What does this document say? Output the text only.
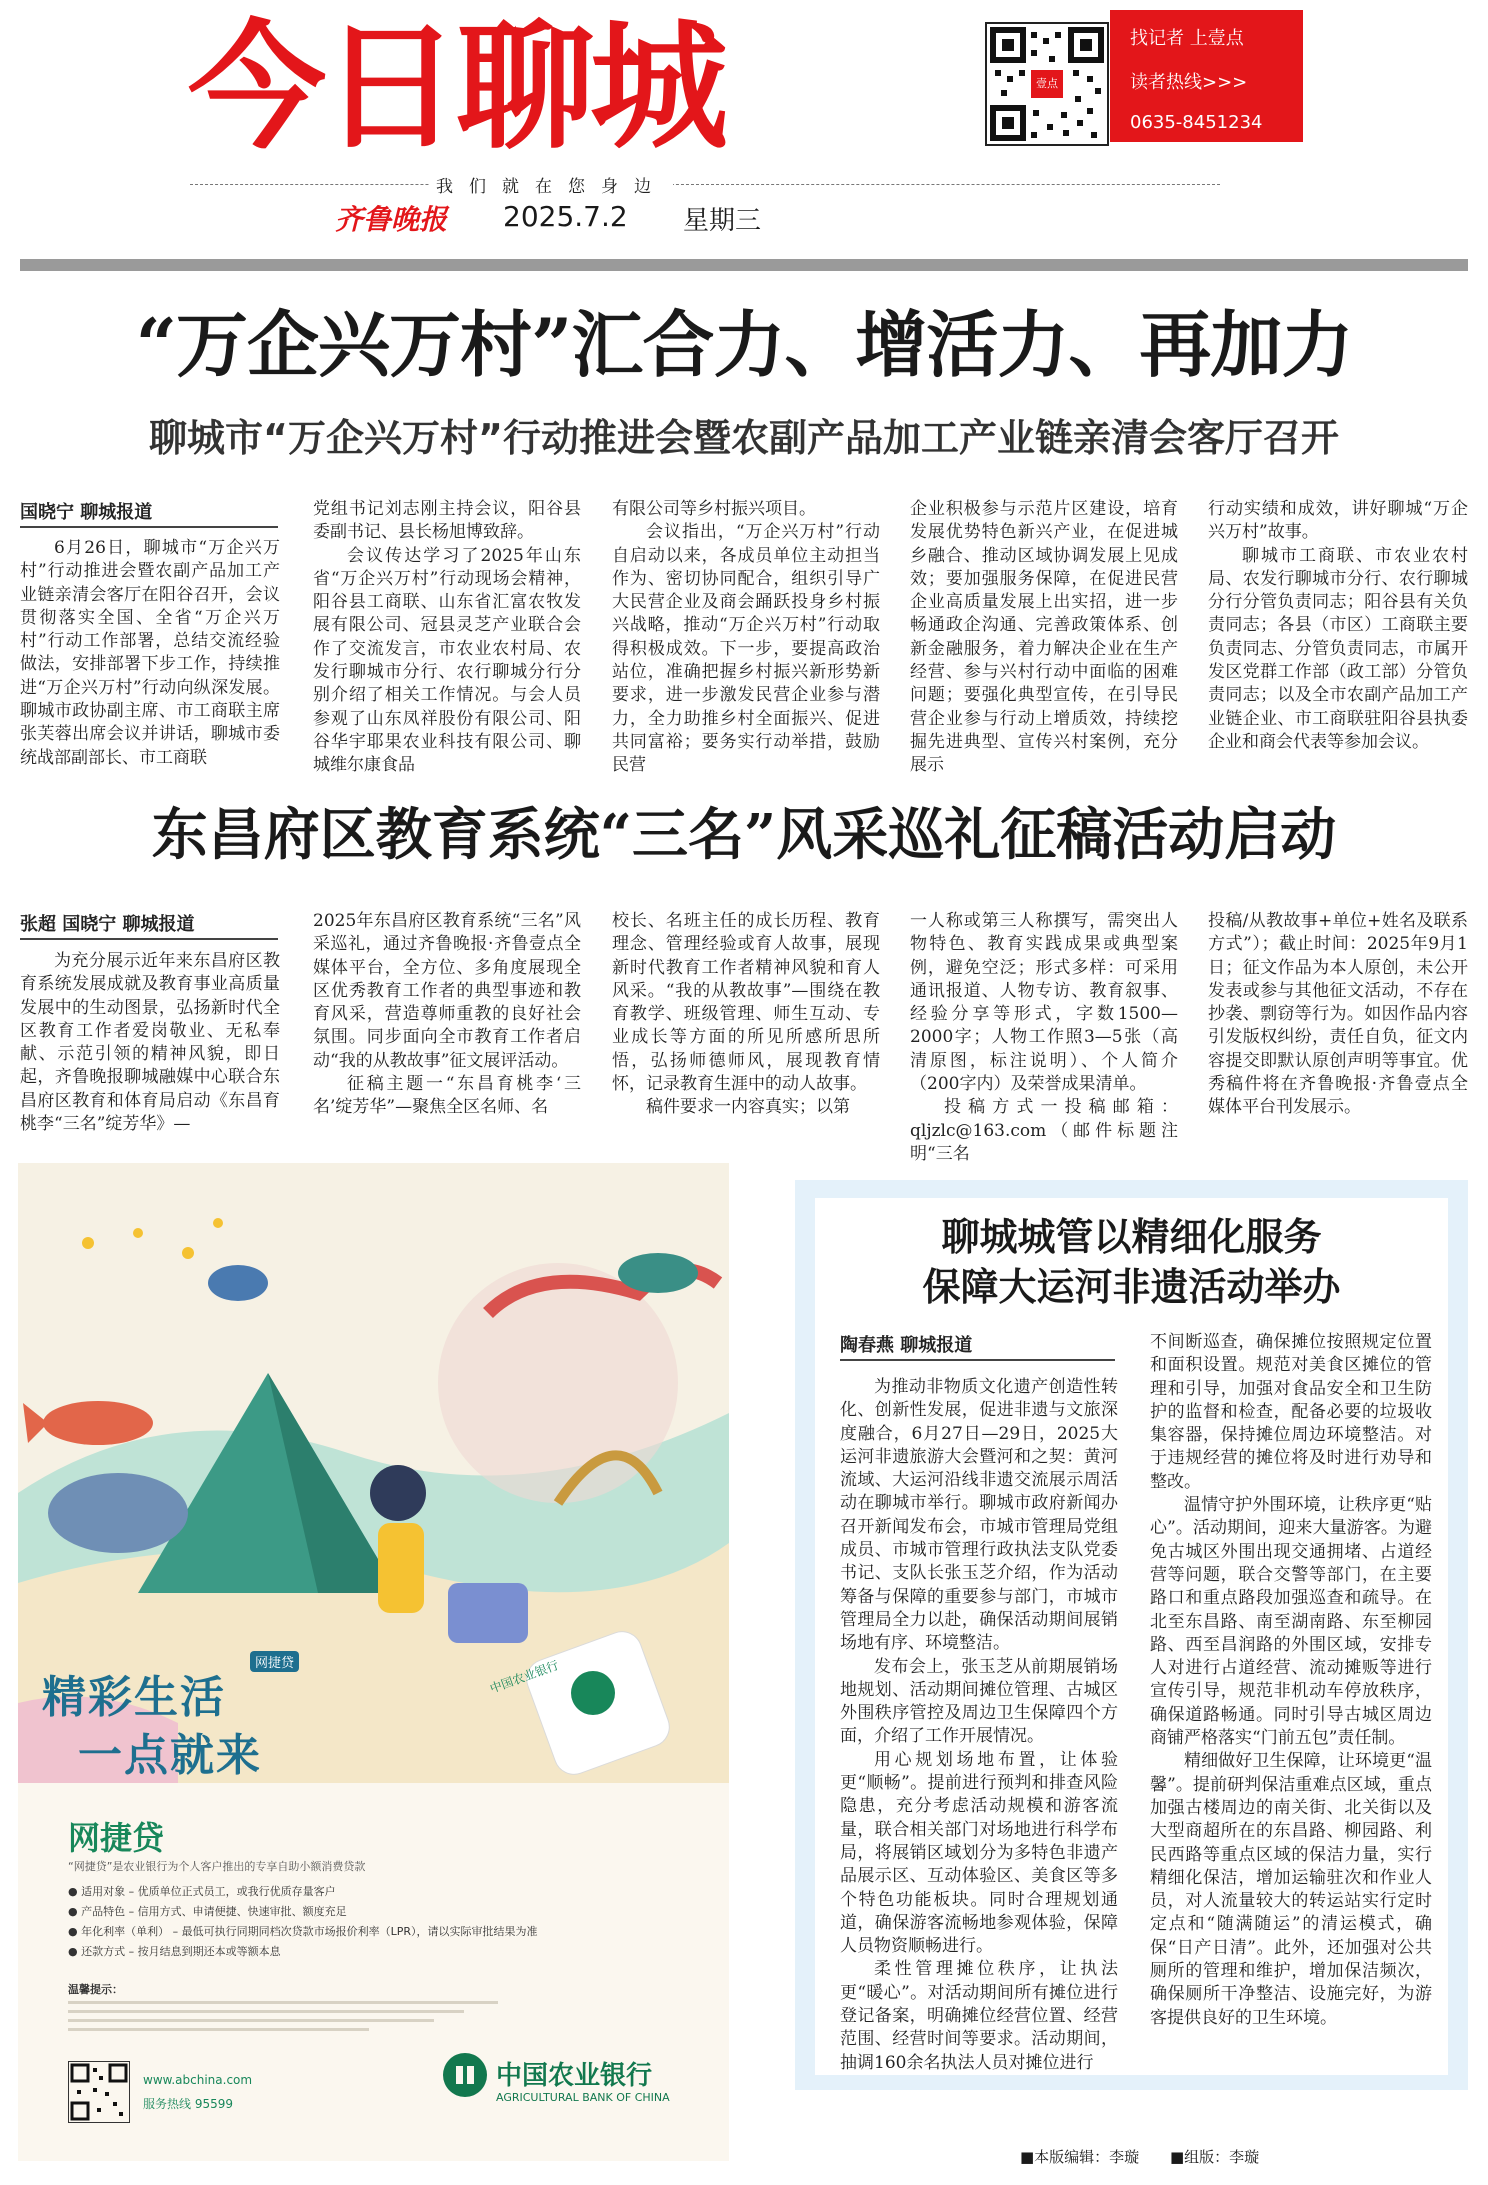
今日聊城	壹点
找记者 上壹点
读者热线>>>
0635-8451234
我们就在您身边
齐鲁晚报 2025.7.2 星期三
“万企兴万村”汇合力、增活力、再加力
聊城市“万企兴万村”行动推进会暨农副产品加工产业链亲清会客厅召开
国晓宁 聊城报道

6月26日，聊城市“万企兴万村”行动推进会暨农副产品加工产业链亲清会客厅在阳谷召开，会议贯彻落实全国、全省“万企兴万村”行动工作部署，总结交流经验做法，安排部署下步工作，持续推进“万企兴万村”行动向纵深发展。聊城市政协副主席、市工商联主席张芙蓉出席会议并讲话，聊城市委统战部副部长、市工商联

党组书记刘志刚主持会议，阳谷县委副书记、县长杨旭博致辞。

会议传达学习了2025年山东省“万企兴万村”行动现场会精神，阳谷县工商联、山东省汇富农牧发展有限公司、冠县灵芝产业联合会作了交流发言，市农业农村局、农发行聊城市分行、农行聊城分行分别介绍了相关工作情况。与会人员参观了山东凤祥股份有限公司、阳谷华宇耶果农业科技有限公司、聊城维尔康食品

有限公司等乡村振兴项目。

会议指出，“万企兴万村”行动自启动以来，各成员单位主动担当作为、密切协同配合，组织引导广大民营企业及商会踊跃投身乡村振兴战略，推动“万企兴万村”行动取得积极成效。下一步，要提高政治站位，准确把握乡村振兴新形势新要求，进一步激发民营企业参与潜力，全力助推乡村全面振兴、促进共同富裕；要务实行动举措，鼓励民营

企业积极参与示范片区建设，培育发展优势特色新兴产业，在促进城乡融合、推动区域协调发展上见成效；要加强服务保障，在促进民营企业高质量发展上出实招，进一步畅通政企沟通、完善政策体系、创新金融服务，着力解决企业在生产经营、参与兴村行动中面临的困难问题；要强化典型宣传，在引导民营企业参与行动上增质效，持续挖掘先进典型、宣传兴村案例，充分展示

行动实绩和成效，讲好聊城“万企兴万村”故事。

聊城市工商联、市农业农村局、农发行聊城市分行、农行聊城分行分管负责同志；阳谷县有关负责同志；各县（市区）工商联主要负责同志、分管负责同志，市属开发区党群工作部（政工部）分管负责同志；以及全市农副产品加工产业链企业、市工商联驻阳谷县执委企业和商会代表等参加会议。

东昌府区教育系统“三名”风采巡礼征稿活动启动
张超 国晓宁 聊城报道

为充分展示近年来东昌府区教育系统发展成就及教育事业高质量发展中的生动图景，弘扬新时代全区教育工作者爱岗敬业、无私奉献、示范引领的精神风貌，即日起，齐鲁晚报聊城融媒中心联合东昌府区教育和体育局启动《东昌育桃李“三名”绽芳华》—

2025年东昌府区教育系统“三名”风采巡礼，通过齐鲁晚报·齐鲁壹点全媒体平台，全方位、多角度展现全区优秀教育工作者的典型事迹和教育风采，营造尊师重教的良好社会氛围。同步面向全市教育工作者启动“我的从教故事”征文展评活动。

征稿主题一“东昌育桃李‘三名’绽芳华”—聚焦全区名师、名

校长、名班主任的成长历程、教育理念、管理经验或育人故事，展现新时代教育工作者精神风貌和育人风采。“我的从教故事”—围绕在教育教学、班级管理、师生互动、专业成长等方面的所见所感所思所悟，弘扬师德师风，展现教育情怀，记录教育生涯中的动人故事。

稿件要求一内容真实；以第

一人称或第三人称撰写，需突出人物特色、教育实践成果或典型案例，避免空泛；形式多样：可采用通讯报道、人物专访、教育叙事、经验分享等形式，字数1500—2000字；人物工作照3—5张（高清原图，标注说明）、个人简介（200字内）及荣誉成果清单。

投稿方式一投稿邮箱：qljzlc@163.com（邮件标题注明“三名

投稿/从教故事+单位+姓名及联系方式”）；截止时间：2025年9月1日；征文作品为本人原创，未公开发表或参与其他征文活动，不存在抄袭、剽窃等行为。如因作品内容引发版权纠纷，责任自负，征文内容提交即默认原创声明等事宜。优秀稿件将在齐鲁晚报·齐鲁壹点全媒体平台刊发展示。

中国农业银行
精彩生活
一点就来
网捷贷
网捷贷
“网捷贷”是农业银行为个人客户推出的专享自助小额消费贷款
● 适用对象 – 优质单位正式员工，或我行优质存量客户
● 产品特色 – 信用方式、申请便捷、快速审批、额度充足
● 年化利率（单利） – 最低可执行同期同档次贷款市场报价利率（LPR），请以实际审批结果为准
● 还款方式 – 按月结息到期还本或等额本息
温馨提示：
www.abchina.com
服务热线 95599
中国农业银行
AGRICULTURAL BANK OF CHINA
聊城城管以精细化服务
保障大运河非遗活动举办
陶春燕 聊城报道

为推动非物质文化遗产创造性转化、创新性发展，促进非遗与文旅深度融合，6月27日—29日，2025大运河非遗旅游大会暨河和之契：黄河流域、大运河沿线非遗交流展示周活动在聊城市举行。聊城市政府新闻办召开新闻发布会，市城市管理局党组成员、市城市管理行政执法支队党委书记、支队长张玉芝介绍，作为活动筹备与保障的重要参与部门，市城市管理局全力以赴，确保活动期间展销场地有序、环境整洁。

发布会上，张玉芝从前期展销场地规划、活动期间摊位管理、古城区外围秩序管控及周边卫生保障四个方面，介绍了工作开展情况。

用心规划场地布置，让体验更“顺畅”。提前进行预判和排查风险隐患，充分考虑活动规模和游客流量，联合相关部门对场地进行科学布局，将展销区域划分为多特色非遗产品展示区、互动体验区、美食区等多个特色功能板块。同时合理规划通道，确保游客流畅地参观体验，保障人员物资顺畅进行。

柔性管理摊位秩序，让执法更“暖心”。对活动期间所有摊位进行登记备案，明确摊位经营位置、经营范围、经营时间等要求。活动期间，抽调160余名执法人员对摊位进行

不间断巡查，确保摊位按照规定位置和面积设置。规范对美食区摊位的管理和引导，加强对食品安全和卫生防护的监督和检查，配备必要的垃圾收集容器，保持摊位周边环境整洁。对于违规经营的摊位将及时进行劝导和整改。

温情守护外围环境，让秩序更“贴心”。活动期间，迎来大量游客。为避免古城区外围出现交通拥堵、占道经营等问题，联合交警等部门，在主要路口和重点路段加强巡查和疏导。在北至东昌路、南至湖南路、东至柳园路、西至昌润路的外围区域，安排专人对进行占道经营、流动摊贩等进行宣传引导，规范非机动车停放秩序，确保道路畅通。同时引导古城区周边商铺严格落实“门前五包”责任制。

精细做好卫生保障，让环境更“温馨”。提前研判保洁重难点区域，重点加强古楼周边的南关街、北关街以及大型商超所在的东昌路、柳园路、利民西路等重点区域的保洁力量，实行精细化保洁，增加运输驻次和作业人员，对人流量较大的转运站实行定时定点和“随满随运”的清运模式，确保“日产日清”。此外，还加强对公共厕所的管理和维护，增加保洁频次，确保厕所干净整洁、设施完好，为游客提供良好的卫生环境。

■本版编辑：李璇 ■组版：李璇
